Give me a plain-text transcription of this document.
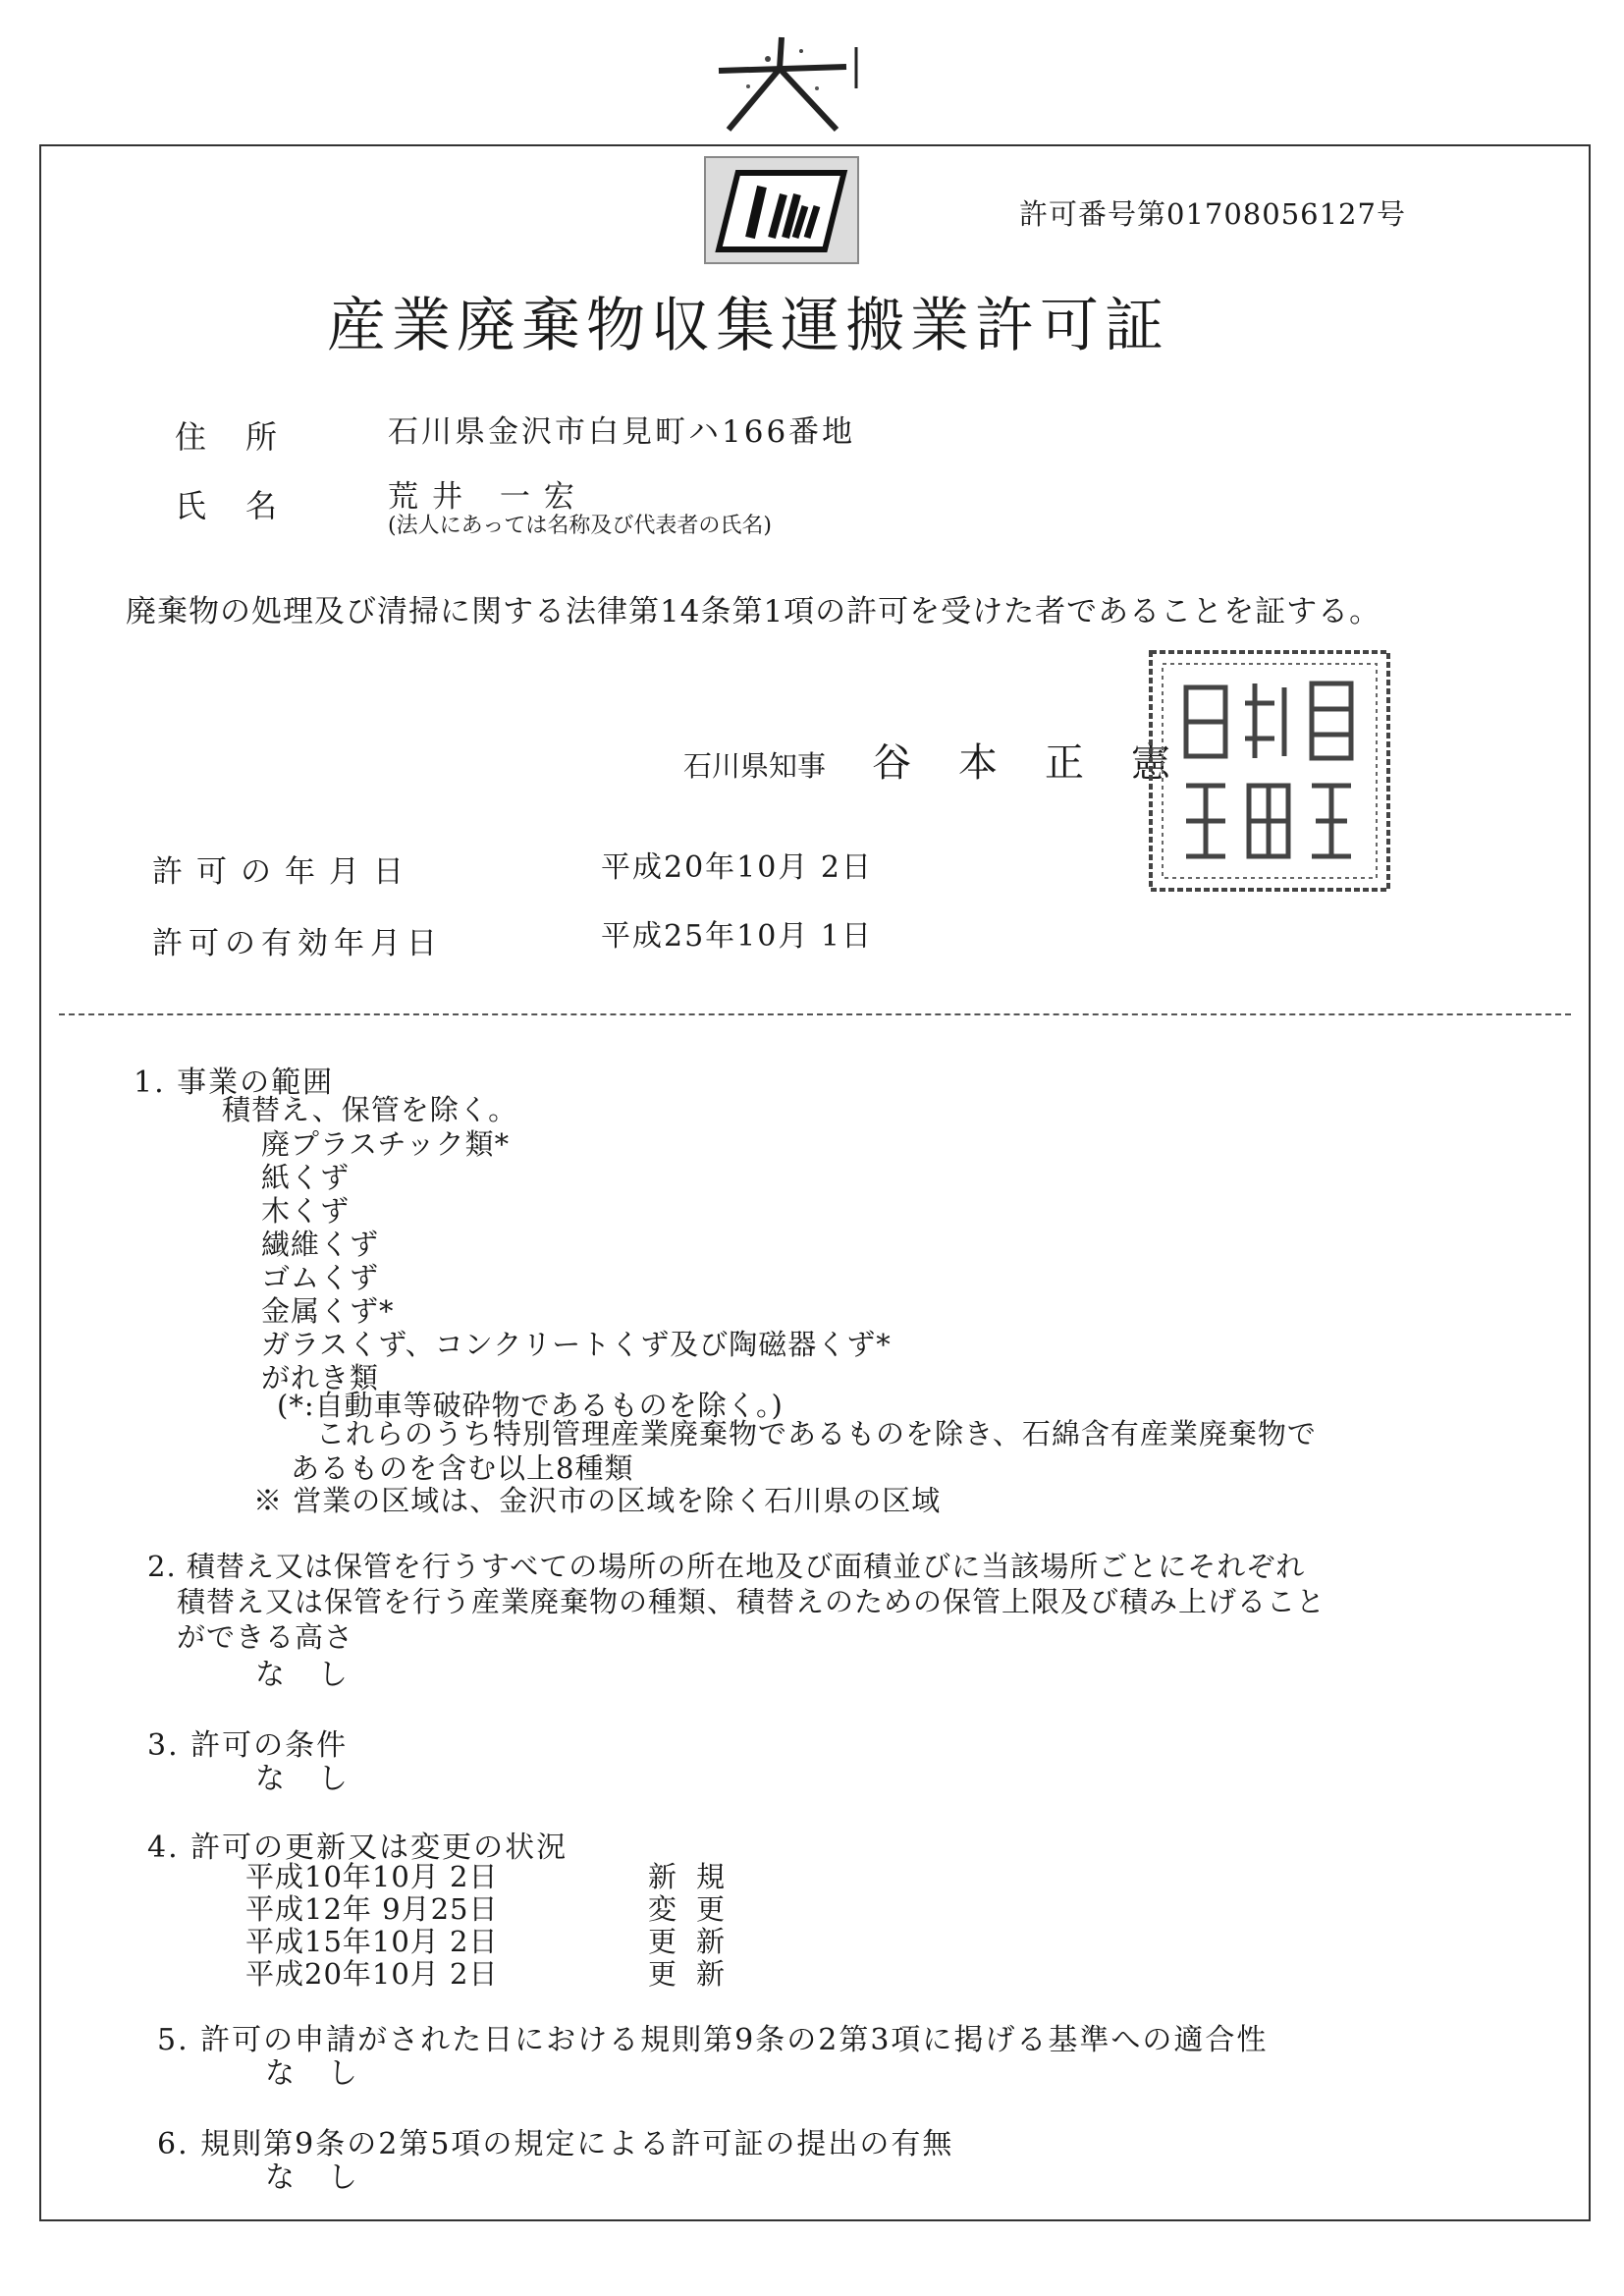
許可番号第01708056127号
産業廃棄物収集運搬業許可証
住所 石川県金沢市白見町ハ166番地
氏名 荒井 一宏
(法人にあっては名称及び代表者の氏名)
廃棄物の処理及び清掃に関する法律第14条第1項の許可を受けた者であることを証する。
石川県知事 谷本正憲
許可の年月日	平成20年10月 2日
許可の有効年月日	平成25年10月 1日
1. 事業の範囲
積替え、保管を除く。
廃プラスチック類*
紙くず
木くず
繊維くず
ゴムくず
金属くず*
ガラスくず、コンクリートくず及び陶磁器くず*
がれき類
(*:自動車等破砕物であるものを除く。)
これらのうち特別管理産業廃棄物であるものを除き、石綿含有産業廃棄物で
あるものを含む以上8種類
※ 営業の区域は、金沢市の区域を除く石川県の区域
2. 積替え又は保管を行うすべての場所の所在地及び面積並びに当該場所ごとにそれぞれ
積替え又は保管を行う産業廃棄物の種類、積替えのための保管上限及び積み上げること
ができる高さ
なし
3. 許可の条件
なし
4. 許可の更新又は変更の状況
平成10年10月 2日	新規
平成12年 9月25日	変更
平成15年10月 2日	更新
平成20年10月 2日	更新
5. 許可の申請がされた日における規則第9条の2第3項に掲げる基準への適合性
なし
6. 規則第9条の2第5項の規定による許可証の提出の有無
なし
